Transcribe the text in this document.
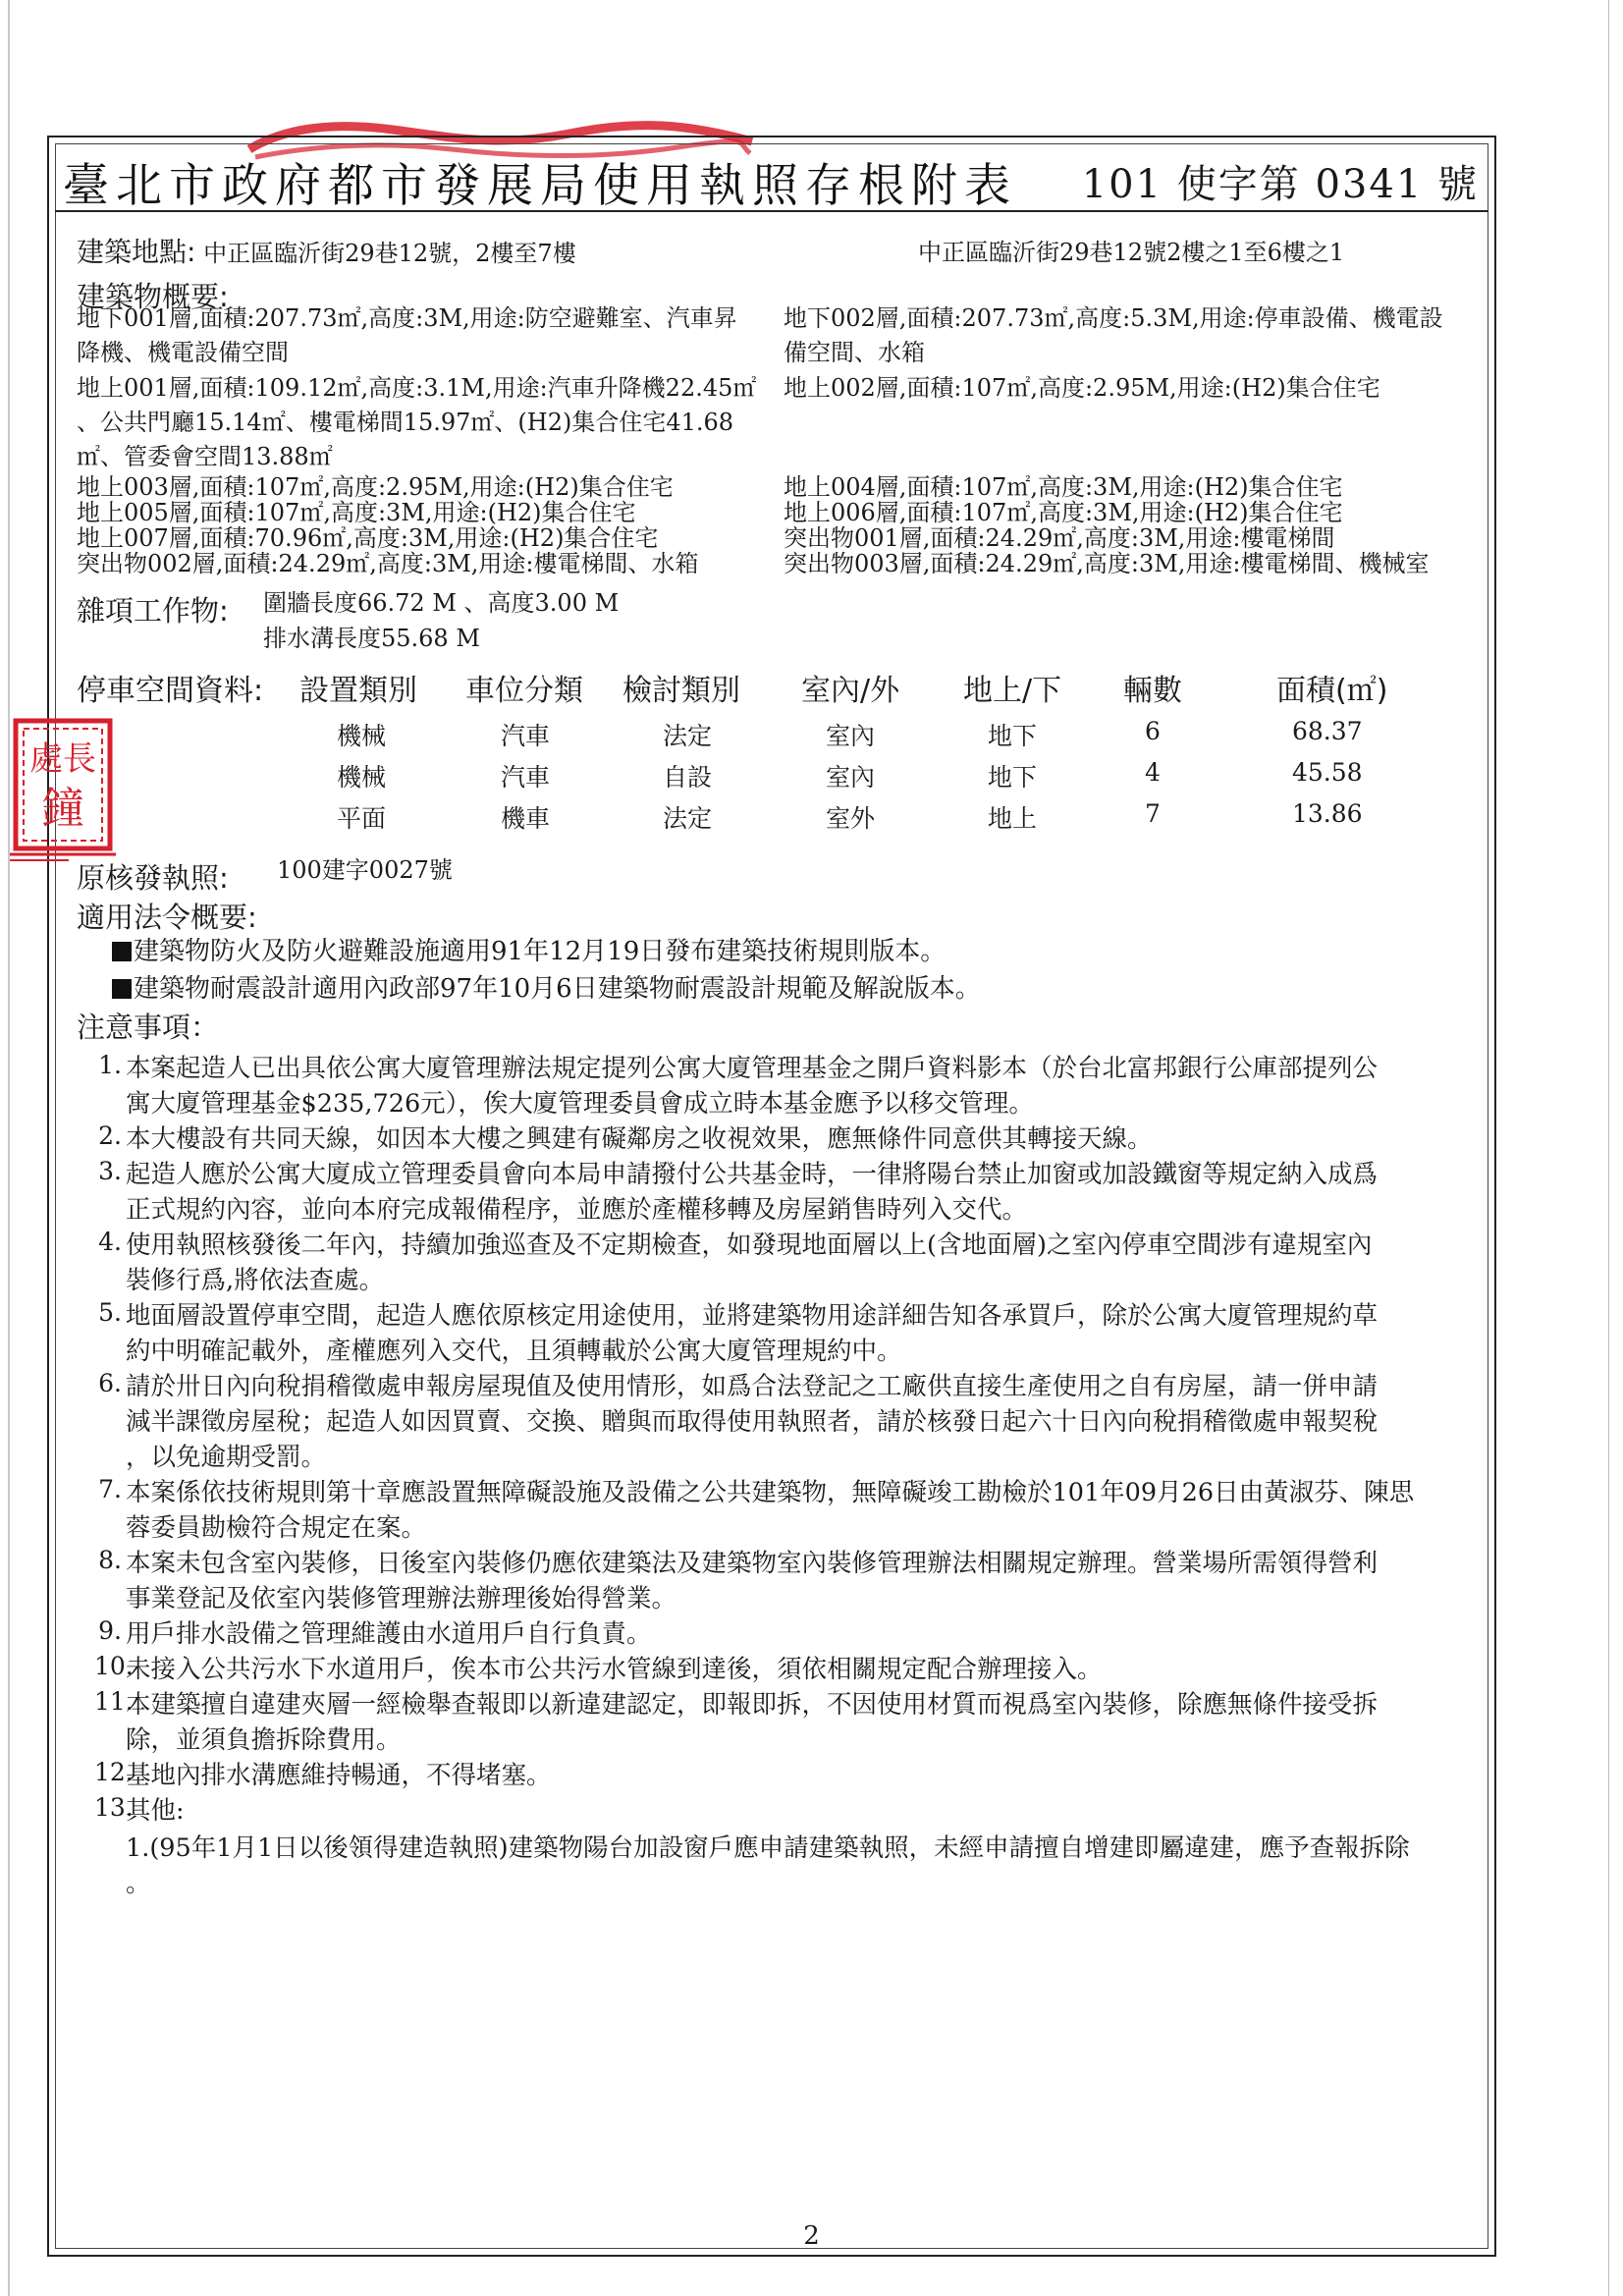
臺北市政府都市發展局使用執照存根附表 101 使字第 0341 號
建築地點: 中正區臨沂街29巷12號，2樓至7樓	中正區臨沂街29巷12號2樓之1至6樓之1
建築物概要:
地下001層,面積:207.73㎡,高度:3M,用途:防空避難室、汽車昇
降機、機電設備空間
地下002層,面積:207.73㎡,高度:5.3M,用途:停車設備、機電設
備空間、水箱
地上001層,面積:109.12㎡,高度:3.1M,用途:汽車升降機22.45㎡
、公共門廳15.14㎡、樓電梯間15.97㎡、(H2)集合住宅41.68
㎡、管委會空間13.88㎡
地上002層,面積:107㎡,高度:2.95M,用途:(H2)集合住宅
地上003層,面積:107㎡,高度:2.95M,用途:(H2)集合住宅	地上004層,面積:107㎡,高度:3M,用途:(H2)集合住宅
地上005層,面積:107㎡,高度:3M,用途:(H2)集合住宅	地上006層,面積:107㎡,高度:3M,用途:(H2)集合住宅
地上007層,面積:70.96㎡,高度:3M,用途:(H2)集合住宅	突出物001層,面積:24.29㎡,高度:3M,用途:樓電梯間
突出物002層,面積:24.29㎡,高度:3M,用途:樓電梯間、水箱	突出物003層,面積:24.29㎡,高度:3M,用途:樓電梯間、機械室
雜項工作物: 圍牆長度66.72 M 、高度3.00 M
排水溝長度55.68 M
停車空間資料: 設置類別 車位分類 檢討類別 室內/外 地上/下 輛數	面積(㎡)
機械	汽車	法定	室內	地下	6	68.37
機械	汽車	自設	室內	地下	4	45.58
平面	機車	法定	室外	地上	7	13.86
處長
鐘
原核發執照: 100建字0027號
適用法令概要:
建築物防火及防火避難設施適用91年12月19日發布建築技術規則版本。
建築物耐震設計適用內政部97年10月6日建築物耐震設計規範及解說版本。
注意事項：
1. 本案起造人已出具依公寓大廈管理辦法規定提列公寓大廈管理基金之開戶資料影本（於台北富邦銀行公庫部提列公
寓大廈管理基金$235,726元），俟大廈管理委員會成立時本基金應予以移交管理。
2. 本大樓設有共同天線，如因本大樓之興建有礙鄰房之收視效果，應無條件同意供其轉接天線。
3. 起造人應於公寓大廈成立管理委員會向本局申請撥付公共基金時，一律將陽台禁止加窗或加設鐵窗等規定納入成爲
正式規約內容，並向本府完成報備程序，並應於產權移轉及房屋銷售時列入交代。
4. 使用執照核發後二年內，持續加強巡查及不定期檢查，如發現地面層以上(含地面層)之室內停車空間涉有違規室內
裝修行爲,將依法查處。
5. 地面層設置停車空間，起造人應依原核定用途使用，並將建築物用途詳細告知各承買戶，除於公寓大廈管理規約草
約中明確記載外，產權應列入交代，且須轉載於公寓大廈管理規約中。
6. 請於卅日內向稅捐稽徵處申報房屋現值及使用情形，如爲合法登記之工廠供直接生產使用之自有房屋，請一併申請
減半課徵房屋稅；起造人如因買賣、交換、贈與而取得使用執照者，請於核發日起六十日內向稅捐稽徵處申報契稅
，以免逾期受罰。
7. 本案係依技術規則第十章應設置無障礙設施及設備之公共建築物，無障礙竣工勘檢於101年09月26日由黃淑芬、陳思
蓉委員勘檢符合規定在案。
8. 本案未包含室內裝修，日後室內裝修仍應依建築法及建築物室內裝修管理辦法相關規定辦理。營業場所需領得營利
事業登記及依室內裝修管理辦法辦理後始得營業。
9. 用戶排水設備之管理維護由水道用戶自行負責。
10.
未接入公共污水下水道用戶，俟本市公共污水管線到達後，須依相關規定配合辦理接入。
11.
本建築擅自違建夾層一經檢舉查報即以新違建認定，即報即拆，不因使用材質而視爲室內裝修，除應無條件接受拆
除，並須負擔拆除費用。
12.
基地內排水溝應維持暢通，不得堵塞。
13.
其他:
1.(95年1月1日以後領得建造執照)建築物陽台加設窗戶應申請建築執照，未經申請擅自增建即屬違建，應予查報拆除
。
2
